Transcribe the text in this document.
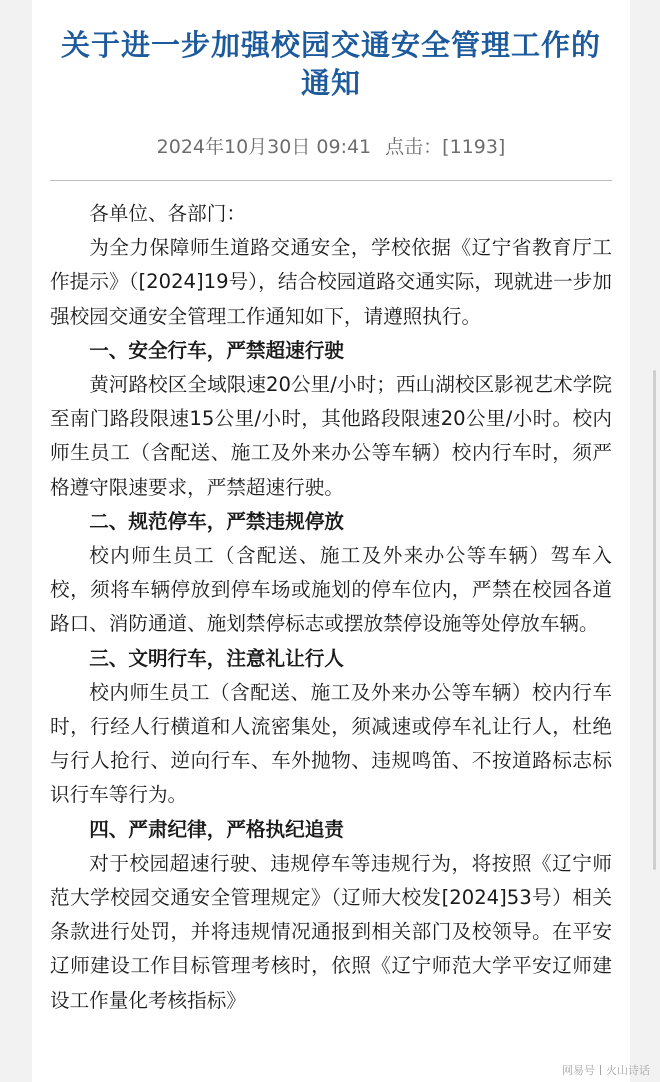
关于进一步加强校园交通安全管理工作的通知
2024年10月30日 09:41 点击：[1193]

各单位、各部门：

为全力保障师生道路交通安全，学校依据《辽宁省教育厅工作提示》（[2024]19号），结合校园道路交通实际，现就进一步加强校园交通安全管理工作通知如下，请遵照执行。

一、安全行车，严禁超速行驶

黄河路校区全域限速20公里/小时；西山湖校区影视艺术学院至南门路段限速15公里/小时，其他路段限速20公里/小时。校内师生员工（含配送、施工及外来办公等车辆）校内行车时，须严格遵守限速要求，严禁超速行驶。

二、规范停车，严禁违规停放

校内师生员工（含配送、施工及外来办公等车辆）驾车入校，须将车辆停放到停车场或施划的停车位内，严禁在校园各道路口、消防通道、施划禁停标志或摆放禁停设施等处停放车辆。

三、文明行车，注意礼让行人

校内师生员工（含配送、施工及外来办公等车辆）校内行车时，行经人行横道和人流密集处，须减速或停车礼让行人，杜绝与行人抢行、逆向行车、车外抛物、违规鸣笛、不按道路标志标识行车等行为。

四、严肃纪律，严格执纪追责

对于校园超速行驶、违规停车等违规行为，将按照《辽宁师范大学校园交通安全管理规定》（辽师大校发[2024]53号）相关条款进行处罚，并将违规情况通报到相关部门及校领导。在平安辽师建设工作目标管理考核时，依照《辽宁师范大学平安辽师建设工作量化考核指标》

网易号 火山诗话
